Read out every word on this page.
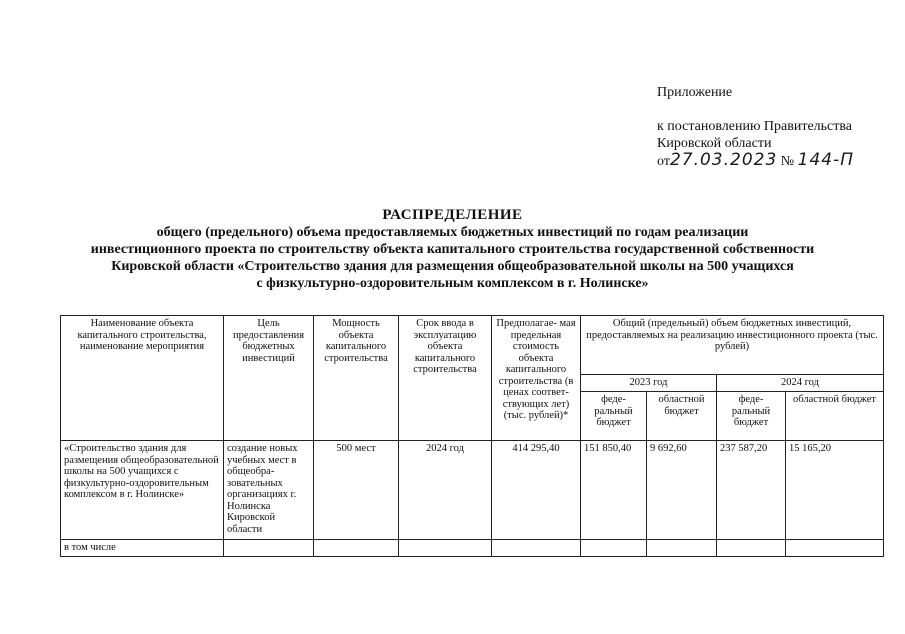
Приложение
к постановлению Правительства
Кировской области
от27.03.2023 № 144-П
РАСПРЕДЕЛЕНИЕ
общего (предельного) объема предоставляемых бюджетных инвестиций по годам реализации
инвестиционного проекта по строительству объекта капитального строительства государственной собственности
Кировской области «Строительство здания для размещения общеобразовательной школы на 500 учащихся
с физкультурно-оздоровительным комплексом в г. Нолинске»
Наименование объекта капитального строительства, наименование мероприятия	Цель предоставления бюджетных инвестиций	Мощность объекта капитального строительства	Срок ввода в эксплуатацию объекта капитального строительства	Предполагае- мая предельная стоимость объекта капитального строительства (в ценах соответ- ствующих лет) (тыс. рублей)*	Общий (предельный) объем бюджетных инвестиций, предоставляемых на реализацию инвестиционного проекта (тыс. рублей)			
					2023 год		2024 год	
					феде- ральный бюджет	областной бюджет	феде- ральный бюджет	областной бюджет
«Строительство здания для размещения общеобразовательной школы на 500 учащихся с физкультурно-оздоровительным комплексом в г. Нолинске»	создание новых учебных мест в общеобра- зовательных организациях г. Нолинска Кировской области	500 мест	2024 год	414 295,40	151 850,40	9 692,60	237 587,20	15 165,20
в том числе								
